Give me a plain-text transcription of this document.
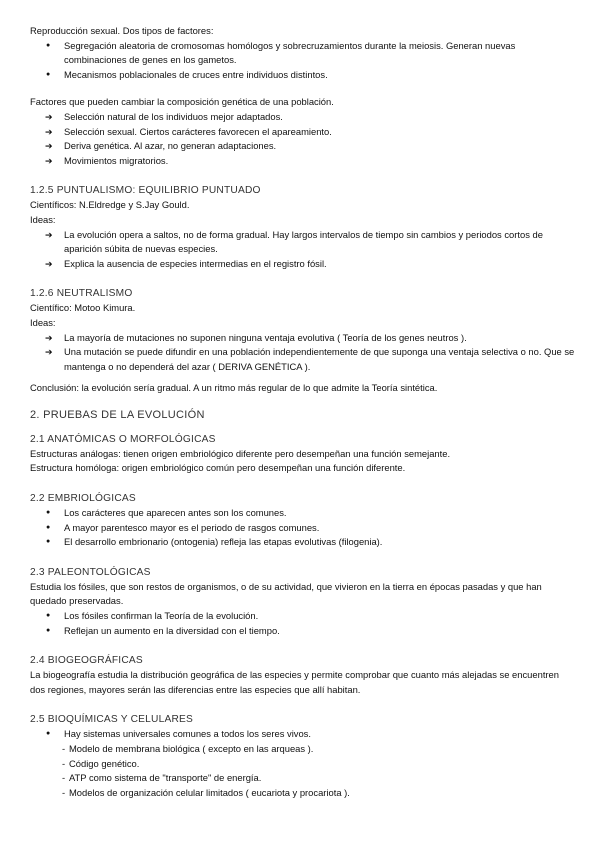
Reproducción sexual. Dos tipos de factores:

● Segregación aleatoria de cromosomas homólogos y sobrecruzamientos durante la meiosis. Generan nuevas combinaciones de genes en los gametos.
● Mecanismos poblacionales de cruces entre individuos distintos.

Factores que pueden cambiar la composición genética de una población.

➔ Selección natural de los individuos mejor adaptados.
➔ Selección sexual. Ciertos carácteres favorecen el apareamiento.
➔ Deriva genética. Al azar, no generan adaptaciones.
➔ Movimientos migratorios.

1.2.5 PUNTUALISMO: EQUILIBRIO PUNTUADO

Científicos: N.Eldredge y S.Jay Gould.

Ideas:

➔ La evolución opera a saltos, no de forma gradual. Hay largos intervalos de tiempo sin cambios y periodos cortos de aparición súbita de nuevas especies.
➔ Explica la ausencia de especies intermedias en el registro fósil.

1.2.6 NEUTRALISMO

Científico: Motoo Kimura.

Ideas:

➔ La mayoría de mutaciones no suponen ninguna ventaja evolutiva ( Teoría de los genes neutros ).
➔ Una mutación se puede difundir en una población independientemente de que suponga una ventaja selectiva o no. Que se mantenga o no dependerá del azar ( DERIVA GENÉTICA ).

Conclusión: la evolución sería gradual. A un ritmo más regular de lo que admite la Teoría sintética.

2. PRUEBAS DE LA EVOLUCIÓN

2.1 ANATÓMICAS O MORFOLÓGICAS

Estructuras análogas: tienen origen embriológico diferente pero desempeñan una función semejante.

Estructura homóloga: origen embriológico común pero desempeñan una función diferente.

2.2 EMBRIOLÓGICAS

● Los carácteres que aparecen antes son los comunes.
● A mayor parentesco mayor es el periodo de rasgos comunes.
● El desarrollo embrionario (ontogenia) refleja las etapas evolutivas (filogenia).

2.3 PALEONTOLÓGICAS

Estudia los fósiles, que son restos de organismos, o de su actividad, que vivieron en la tierra en épocas pasadas y que han quedado preservadas.

● Los fósiles confirman la Teoría de la evolución.
● Reflejan un aumento en la diversidad con el tiempo.

2.4 BIOGEOGRÁFICAS

La biogeografía estudia la distribución geográfica de las especies y permite comprobar que cuanto más alejadas se encuentren dos regiones, mayores serán las diferencias entre las especies que allí habitan.

2.5 BIOQUÍMICAS Y CELULARES

● Hay sistemas universales comunes a todos los seres vivos.
- Modelo de membrana biológica ( excepto en las arqueas ).
- Código genético.
- ATP como sistema de "transporte" de energía.
- Modelos de organización celular limitados ( eucariota y procariota ).
